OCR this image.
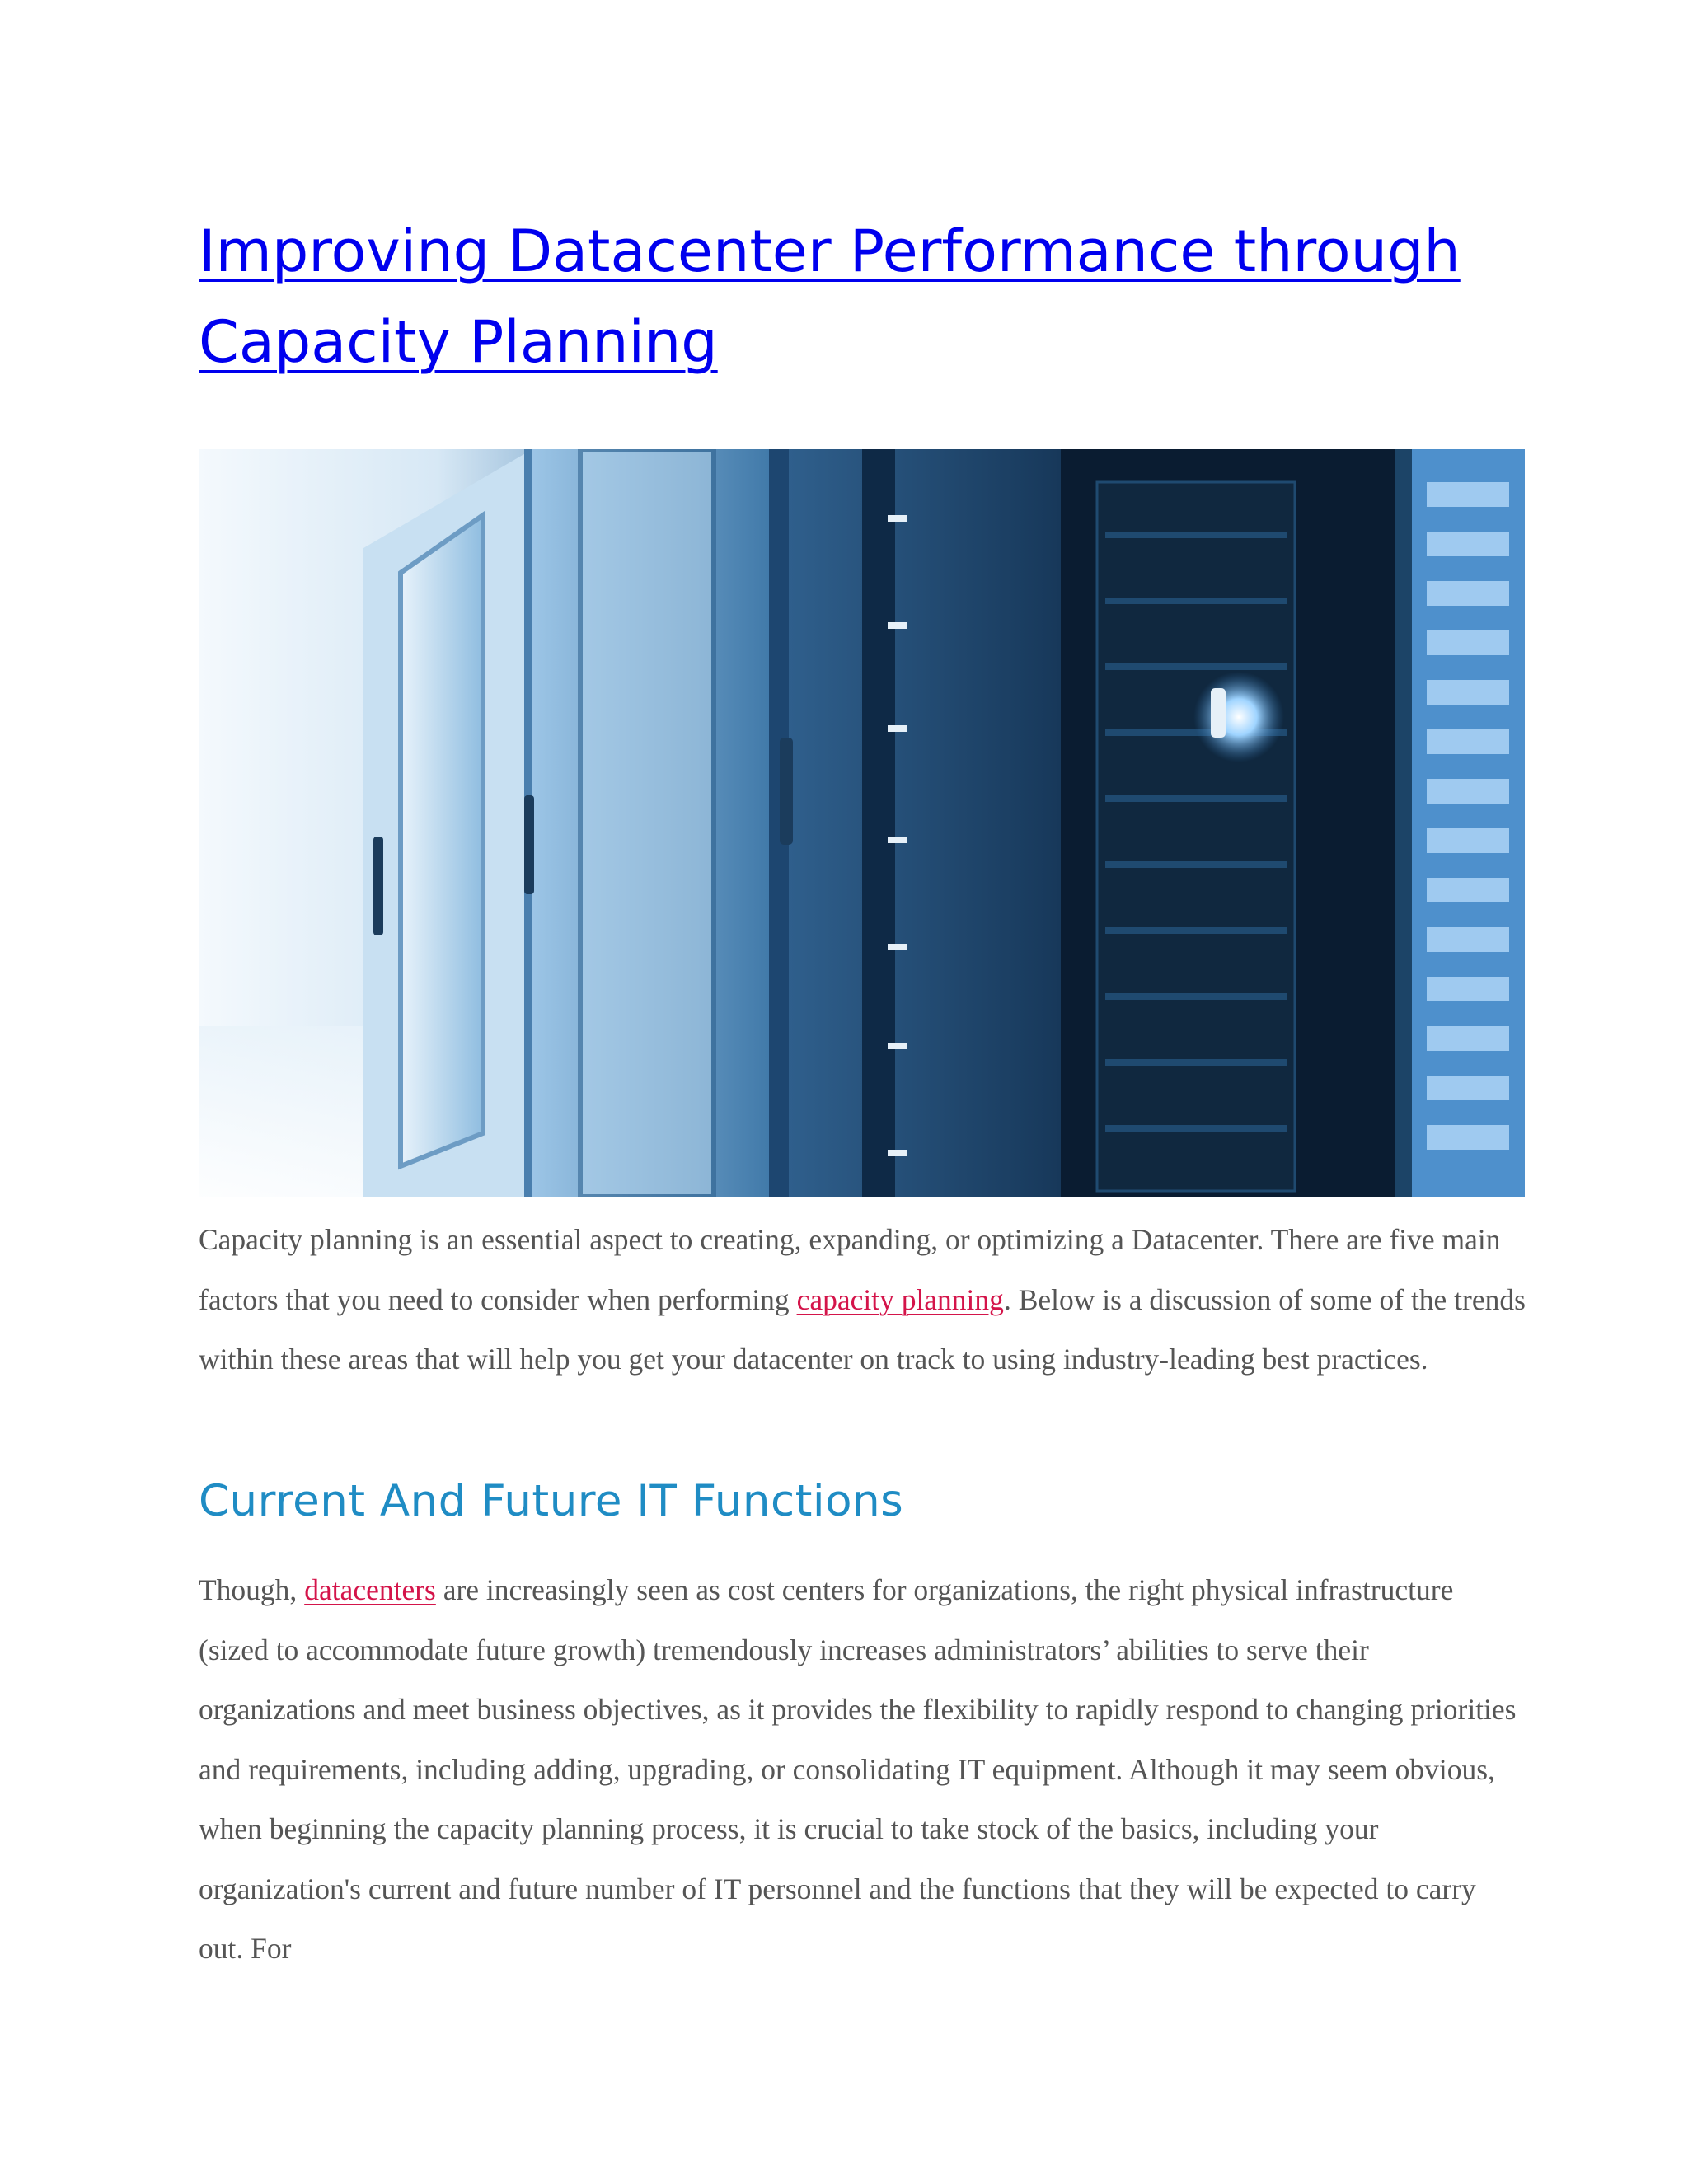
Improving Datacenter Performance through Capacity Planning

Capacity planning is an essential aspect to creating, expanding, or optimizing a Datacenter. There are five main factors that you need to consider when performing capacity planning. Below is a discussion of some of the trends within these areas that will help you get your datacenter on track to using industry-leading best practices.

Current And Future IT Functions

Though, datacenters are increasingly seen as cost centers for organizations, the right physical infrastructure (sized to accommodate future growth) tremendously increases administrators’ abilities to serve their organizations and meet business objectives, as it provides the flexibility to rapidly respond to changing priorities and requirements, including adding, upgrading, or consolidating IT equipment. Although it may seem obvious, when beginning the capacity planning process, it is crucial to take stock of the basics, including your organization's current and future number of IT personnel and the functions that they will be expected to carry out. For
